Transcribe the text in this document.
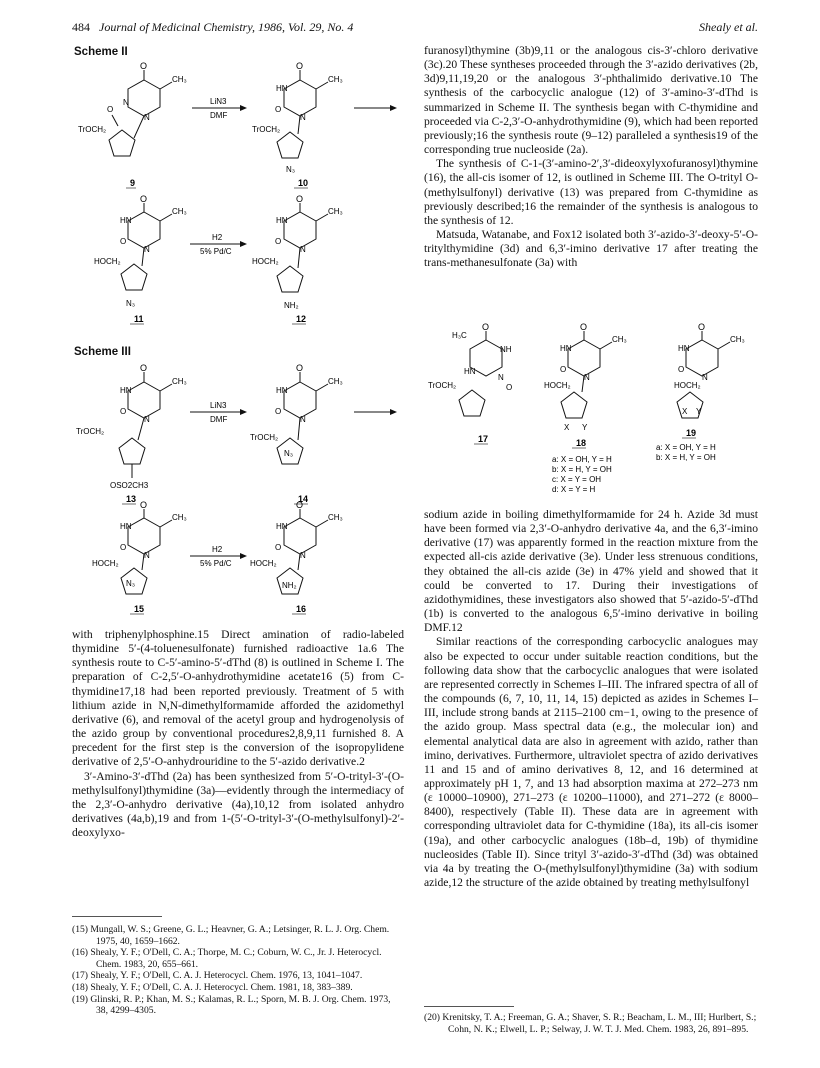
484 Journal of Medicinal Chemistry, 1986, Vol. 29, No. 4	Shealy et al.
Scheme II
O
CH₃
N
N
O
TrOCH₂
9
LiN3
DMF
O
CH₃
HN
N
O
TrOCH₂
N₃
10
O
CH₃
HN
N
O
HOCH₂
N₃
11
H2
5% Pd/C
O
CH₃
HN
N
O
HOCH₂
NH₂
12
Scheme III
O
CH₃
HN
N
O
TrOCH₂
OSO2CH3
13
LiN3
DMF
O
CH₃
HN
N
O
TrOCH₂
N₃
14
O
CH₃
HN
N
O
HOCH₂
N₃
15
H2
5% Pd/C
O
CH₃
HN
N
O
HOCH₂
NH₂
16

with triphenylphosphine.15 Direct amination of radio-labeled thymidine 5′-(4-toluenesulfonate) furnished radioactive 1a.6 The synthesis route to C-5′-amino-5′-dThd (8) is outlined in Scheme I. The preparation of C-2,5′-O-anhydrothymidine acetate16 (5) from C-thymidine17,18 had been reported previously. Treatment of 5 with lithium azide in N,N-dimethylformamide afforded the azidomethyl derivative (6), and removal of the acetyl group and hydrogenolysis of the azido group by conventional procedures2,8,9,11 furnished 8. A precedent for the first step is the conversion of the isopropylidene derivative of 2,5′-O-anhydrouridine to the 5′-azido derivative.2

3′-Amino-3′-dThd (2a) has been synthesized from 5′-O-trityl-3′-(O-methylsulfonyl)thymidine (3a)—evidently through the intermediacy of the 2,3′-O-anhydro derivative (4a),10,12 from isolated anhydro derivatives (4a,b),19 and from 1-(5′-O-trityl-3′-(O-methylsulfonyl)-2′-deoxylyxo-

(15) Mungall, W. S.; Greene, G. L.; Heavner, G. A.; Letsinger, R. L. J. Org. Chem. 1975, 40, 1659–1662.
(16) Shealy, Y. F.; O'Dell, C. A.; Thorpe, M. C.; Coburn, W. C., Jr. J. Heterocycl. Chem. 1983, 20, 655–661.
(17) Shealy, Y. F.; O'Dell, C. A. J. Heterocycl. Chem. 1976, 13, 1041–1047.
(18) Shealy, Y. F.; O'Dell, C. A. J. Heterocycl. Chem. 1981, 18, 383–389.
(19) Glinski, R. P.; Khan, M. S.; Kalamas, R. L.; Sporn, M. B. J. Org. Chem. 1973, 38, 4299–4305.

furanosyl)thymine (3b)9,11 or the analogous cis-3′-chloro derivative (3c).20 These syntheses proceeded through the 3′-azido derivatives (2b, 3d)9,11,19,20 or the analogous 3′-phthalimido derivative.10 The synthesis of the carbocyclic analogue (12) of 3′-amino-3′-dThd is summarized in Scheme II. The synthesis began with C-thymidine and proceeded via C-2,3′-O-anhydrothymidine (9), which had been reported previously;16 the synthesis route (9–12) paralleled a synthesis19 of the corresponding true nucleoside (2a).

The synthesis of C-1-(3′-amino-2′,3′-dideoxylyxofuranosyl)thymine (16), the all-cis isomer of 12, is outlined in Scheme III. The O-trityl O-(methylsulfonyl) derivative (13) was prepared from C-thymidine as previously described;16 the remainder of the synthesis is analogous to the synthesis of 12.

Matsuda, Watanabe, and Fox12 isolated both 3′-azido-3′-deoxy-5′-O-tritylthymidine (3d) and 6,3′-imino derivative 17 after treating the trans-methanesulfonate (3a) with

H₃C
O
NH
HN
N
O
TrOCH₂
17
O
CH₃
HN
N
O
HOCH₂
X Y
18
O
CH₃
HN
N
O
HOCH₂
X Y
19
a: X = OH, Y = H
b: X = H, Y = OH
c: X = Y = OH
d: X = Y = H
a: X = OH, Y = H
b: X = H, Y = OH

sodium azide in boiling dimethylformamide for 24 h. Azide 3d must have been formed via 2,3′-O-anhydro derivative 4a, and the 6,3′-imino derivative (17) was apparently formed in the reaction mixture from the expected all-cis azide derivative (3e). Under less strenuous conditions, they obtained the all-cis azide (3e) in 47% yield and showed that it could be converted to 17. During their investigations of azidothymidines, these investigators also showed that 5′-azido-5′-dThd (1b) is converted to the analogous 6,5′-imino derivative in boiling DMF.12

Similar reactions of the corresponding carbocyclic analogues may also be expected to occur under suitable reaction conditions, but the following data show that the carbocyclic analogues that were isolated are represented correctly in Schemes I–III. The infrared spectra of all of the compounds (6, 7, 10, 11, 14, 15) depicted as azides in Schemes I–III, include strong bands at 2115–2100 cm−1, owing to the presence of the azido group. Mass spectral data (e.g., the molecular ion) and elemental analytical data are also in agreement with azido, rather than imino, derivatives. Furthermore, ultraviolet spectra of azido derivatives 11 and 15 and of amino derivatives 8, 12, and 16 determined at approximately pH 1, 7, and 13 had absorption maxima at 272–273 nm (ε 10000–10900), 271–273 (ε 10200–11000), and 271–272 (ε 8000–8400), respectively (Table II). These data are in agreement with corresponding ultraviolet data for C-thymidine (18a), its all-cis isomer (19a), and other carbocyclic analogues (18b–d, 19b) of thymidine nucleosides (Table II). Since trityl 3′-azido-3′-dThd (3d) was obtained via 4a by treating the O-(methylsulfonyl)thymidine (3a) with sodium azide,12 the structure of the azide obtained by treating methylsulfonyl

(20) Krenitsky, T. A.; Freeman, G. A.; Shaver, S. R.; Beacham, L. M., III; Hurlbert, S.; Cohn, N. K.; Elwell, L. P.; Selway, J. W. T. J. Med. Chem. 1983, 26, 891–895.
